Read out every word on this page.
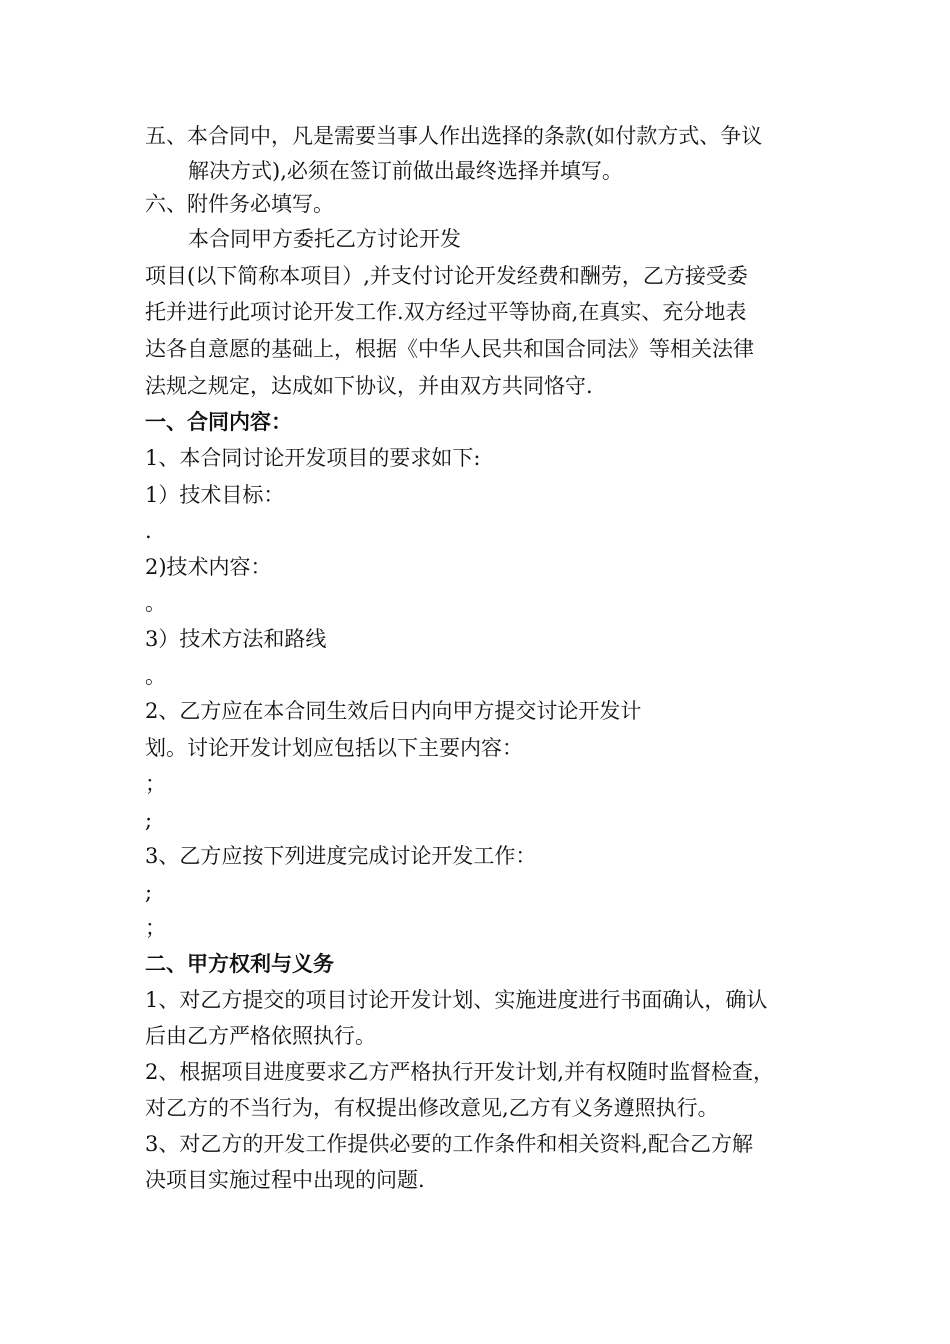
五、本合同中，凡是需要当事人作出选择的条款(如付款方式、争议
解决方式),必须在签订前做出最终选择并填写。
六、附件务必填写。
本合同甲方委托乙方讨论开发
项目(以下简称本项目）,并支付讨论开发经费和酬劳，乙方接受委
托并进行此项讨论开发工作.双方经过平等协商,在真实、充分地表
达各自意愿的基础上，根据《中华人民共和国合同法》等相关法律
法规之规定，达成如下协议，并由双方共同恪守.
一、合同内容：
1、本合同讨论开发项目的要求如下:
1）技术目标：
.
2)技术内容：
。
3）技术方法和路线
。
2、乙方应在本合同生效后日内向甲方提交讨论开发计
划。讨论开发计划应包括以下主要内容：
；
;
3、乙方应按下列进度完成讨论开发工作：
;
；
二、甲方权利与义务
1、对乙方提交的项目讨论开发计划、实施进度进行书面确认，确认
后由乙方严格依照执行。
2、根据项目进度要求乙方严格执行开发计划,并有权随时监督检查，
对乙方的不当行为，有权提出修改意见,乙方有义务遵照执行。
3、对乙方的开发工作提供必要的工作条件和相关资料,配合乙方解
决项目实施过程中出现的问题.
